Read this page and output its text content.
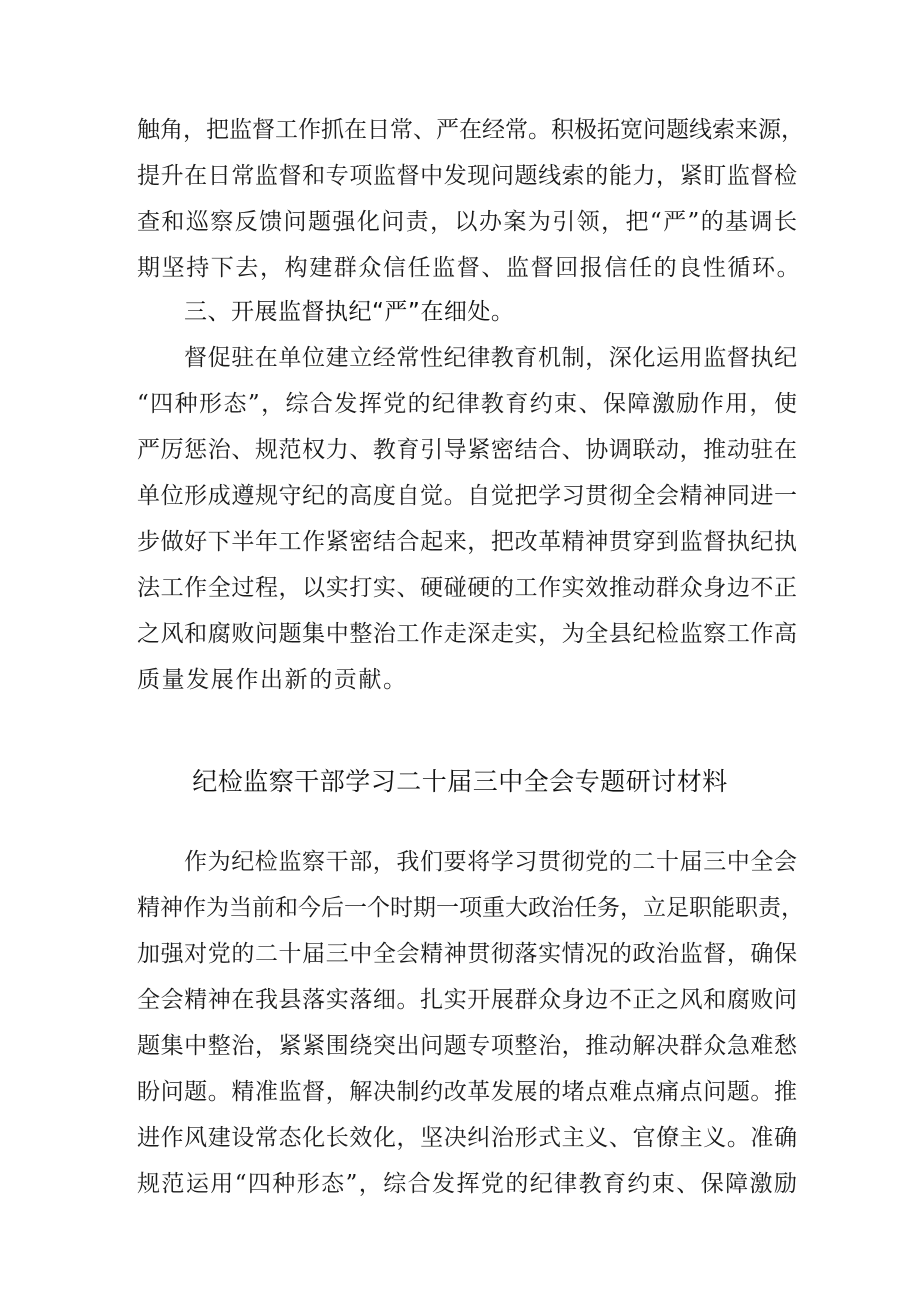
触角，把监督工作抓在日常、严在经常。积极拓宽问题线索来源，
提升在日常监督和专项监督中发现问题线索的能力，紧盯监督检
查和巡察反馈问题强化问责，以办案为引领，把“严”的基调长
期坚持下去，构建群众信任监督、监督回报信任的良性循环。
三、开展监督执纪“严”在细处。
督促驻在单位建立经常性纪律教育机制，深化运用监督执纪
“四种形态”，综合发挥党的纪律教育约束、保障激励作用，使
严厉惩治、规范权力、教育引导紧密结合、协调联动，推动驻在
单位形成遵规守纪的高度自觉。自觉把学习贯彻全会精神同进一
步做好下半年工作紧密结合起来，把改革精神贯穿到监督执纪执
法工作全过程，以实打实、硬碰硬的工作实效推动群众身边不正
之风和腐败问题集中整治工作走深走实，为全县纪检监察工作高
质量发展作出新的贡献。
纪检监察干部学习二十届三中全会专题研讨材料
作为纪检监察干部，我们要将学习贯彻党的二十届三中全会
精神作为当前和今后一个时期一项重大政治任务，立足职能职责，
加强对党的二十届三中全会精神贯彻落实情况的政治监督，确保
全会精神在我县落实落细。扎实开展群众身边不正之风和腐败问
题集中整治，紧紧围绕突出问题专项整治，推动解决群众急难愁
盼问题。精准监督，解决制约改革发展的堵点难点痛点问题。推
进作风建设常态化长效化，坚决纠治形式主义、官僚主义。准确
规范运用“四种形态”，综合发挥党的纪律教育约束、保障激励
